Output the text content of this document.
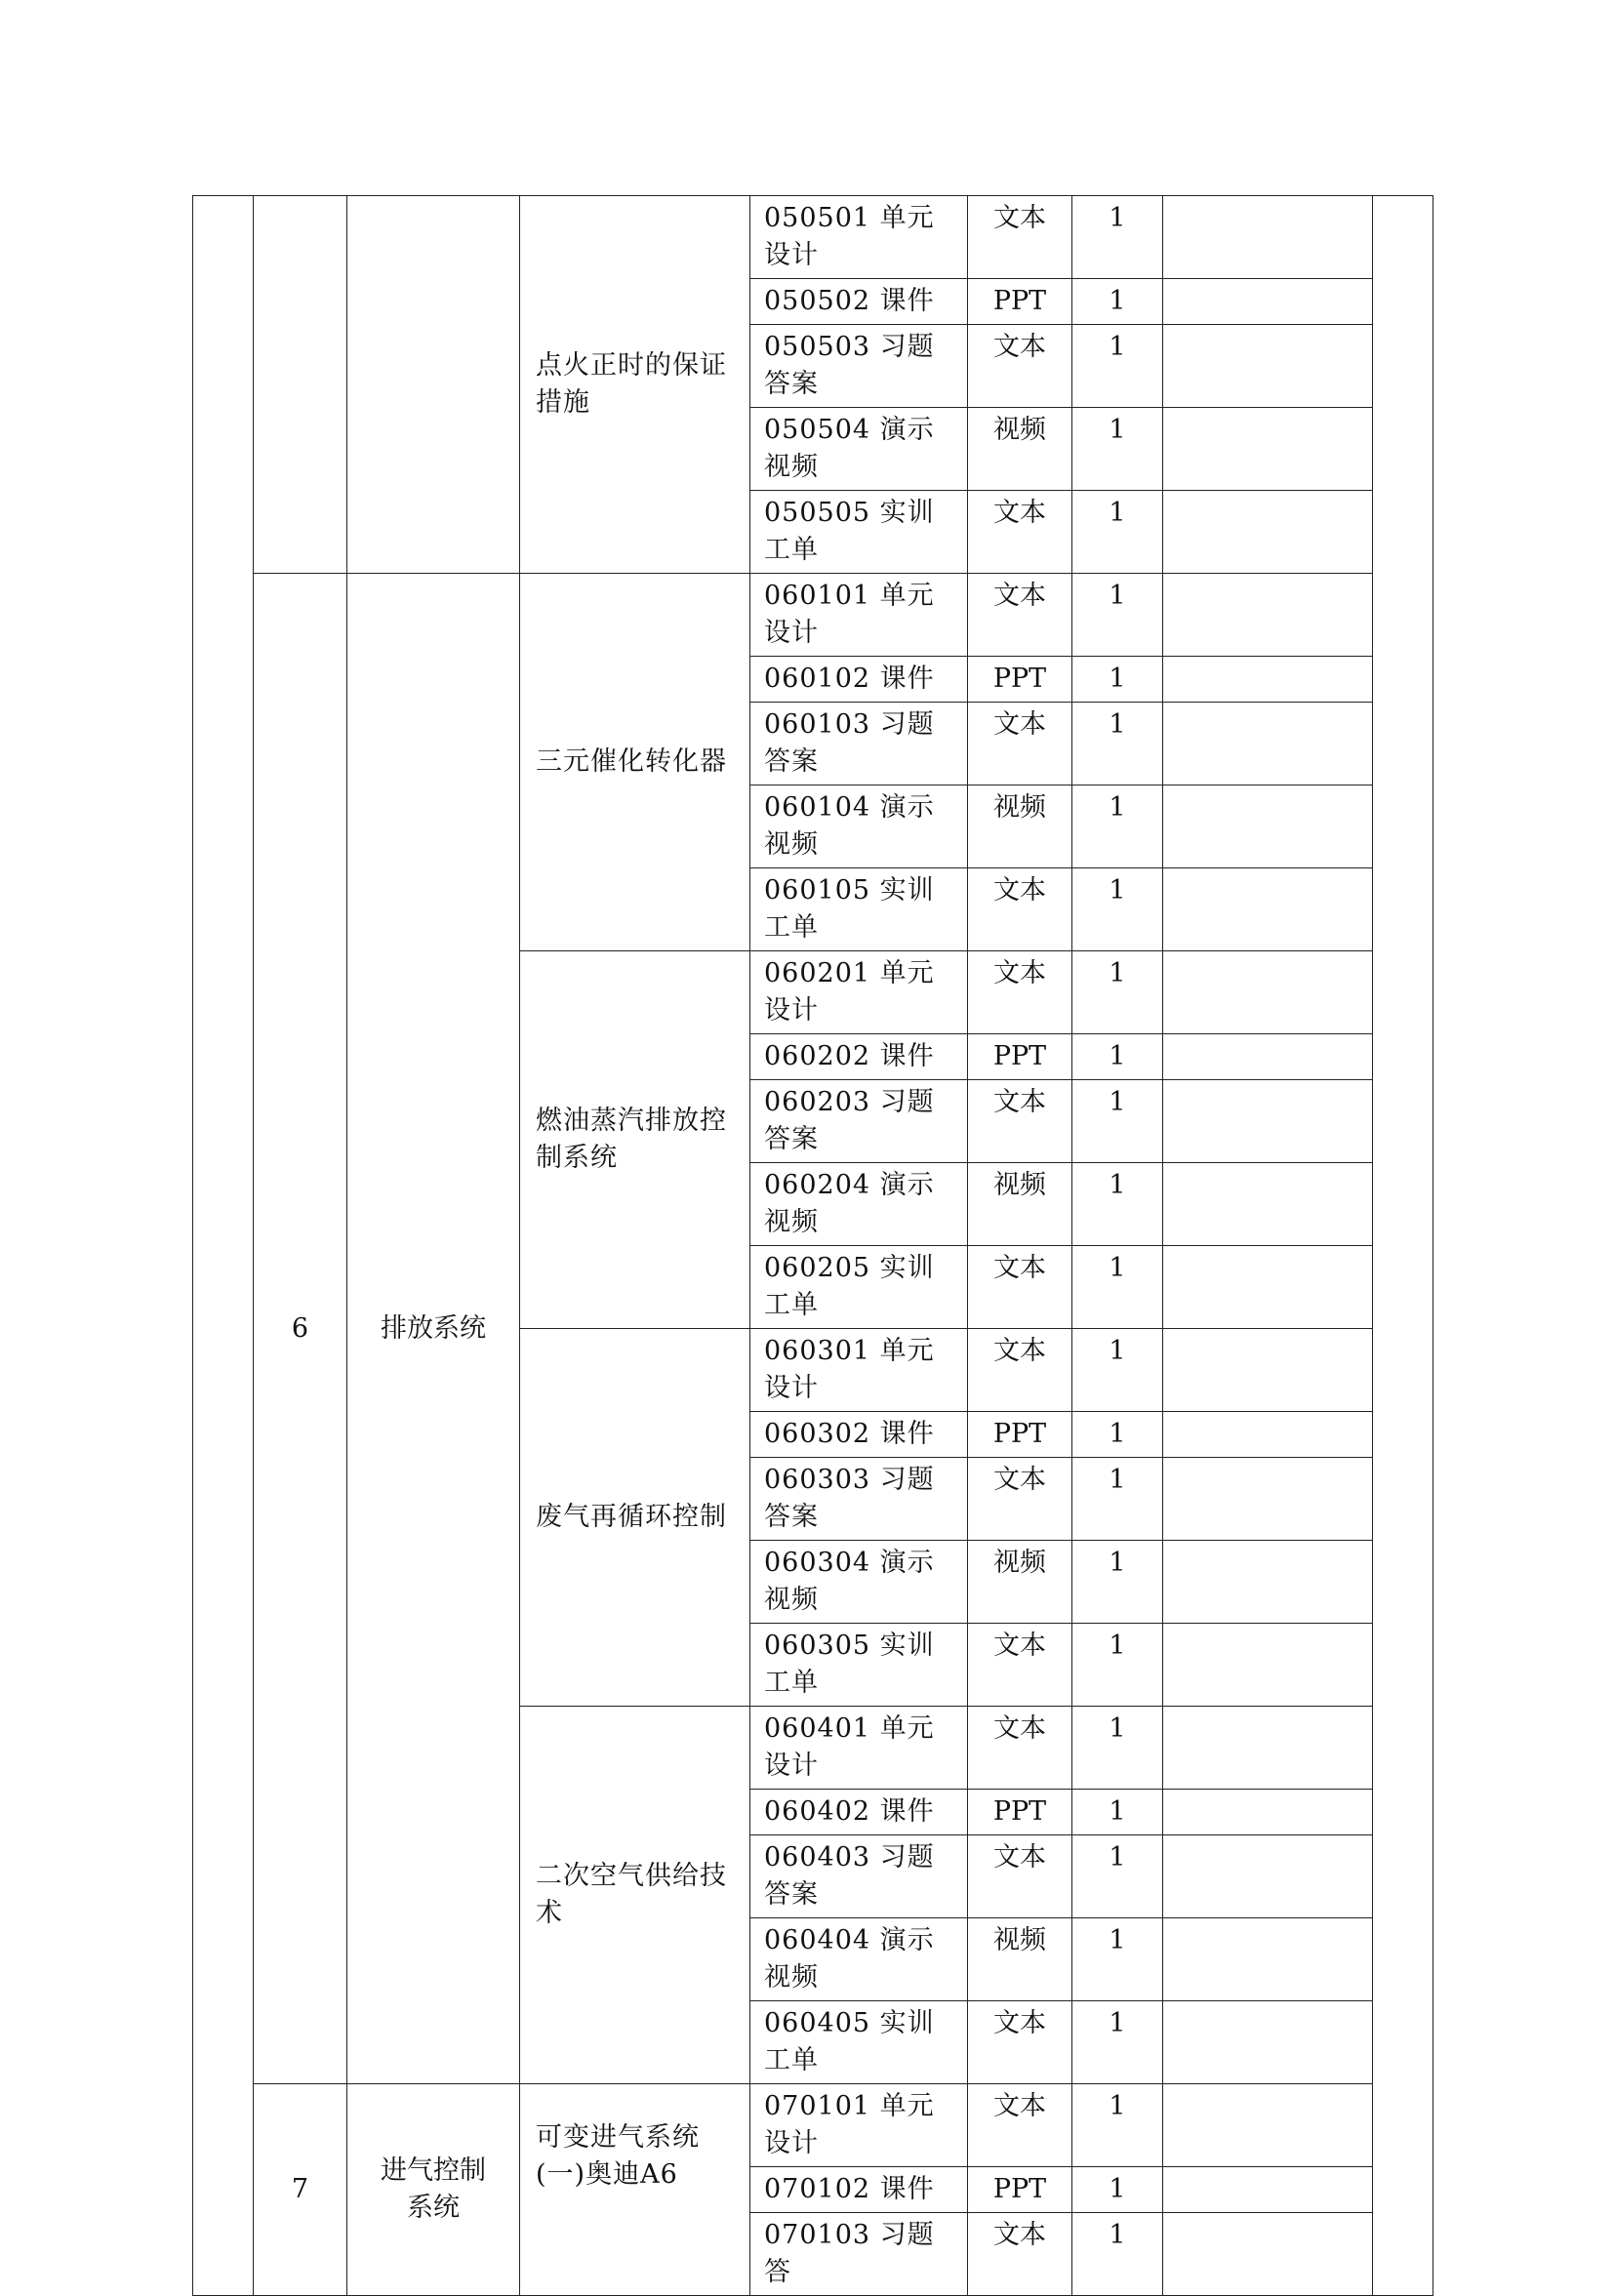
			点火正时的保证措施	050501 单元设计	文本	1		
				050502 课件	PPT	1		
				050503 习题答案	文本	1		
				050504 演示视频	视频	1		
				050505 实训工单	文本	1		
	6	排放系统	三元催化转化器	060101 单元设计	文本	1		
				060102 课件	PPT	1		
				060103 习题答案	文本	1		
				060104 演示视频	视频	1		
				060105 实训工单	文本	1		
			燃油蒸汽排放控制系统	060201 单元设计	文本	1		
				060202 课件	PPT	1		
				060203 习题答案	文本	1		
				060204 演示视频	视频	1		
				060205 实训工单	文本	1		
			废气再循环控制	060301 单元设计	文本	1		
				060302 课件	PPT	1		
				060303 习题答案	文本	1		
				060304 演示视频	视频	1		
				060305 实训工单	文本	1		
			二次空气供给技术	060401 单元设计	文本	1		
				060402 课件	PPT	1		
				060403 习题答案	文本	1		
				060404 演示视频	视频	1		
				060405 实训工单	文本	1		
	7	进气控制系统	可变进气系统(一)奥迪A6	070101 单元设计	文本	1		
				070102 课件	PPT	1		
				070103 习题答	文本	1		
